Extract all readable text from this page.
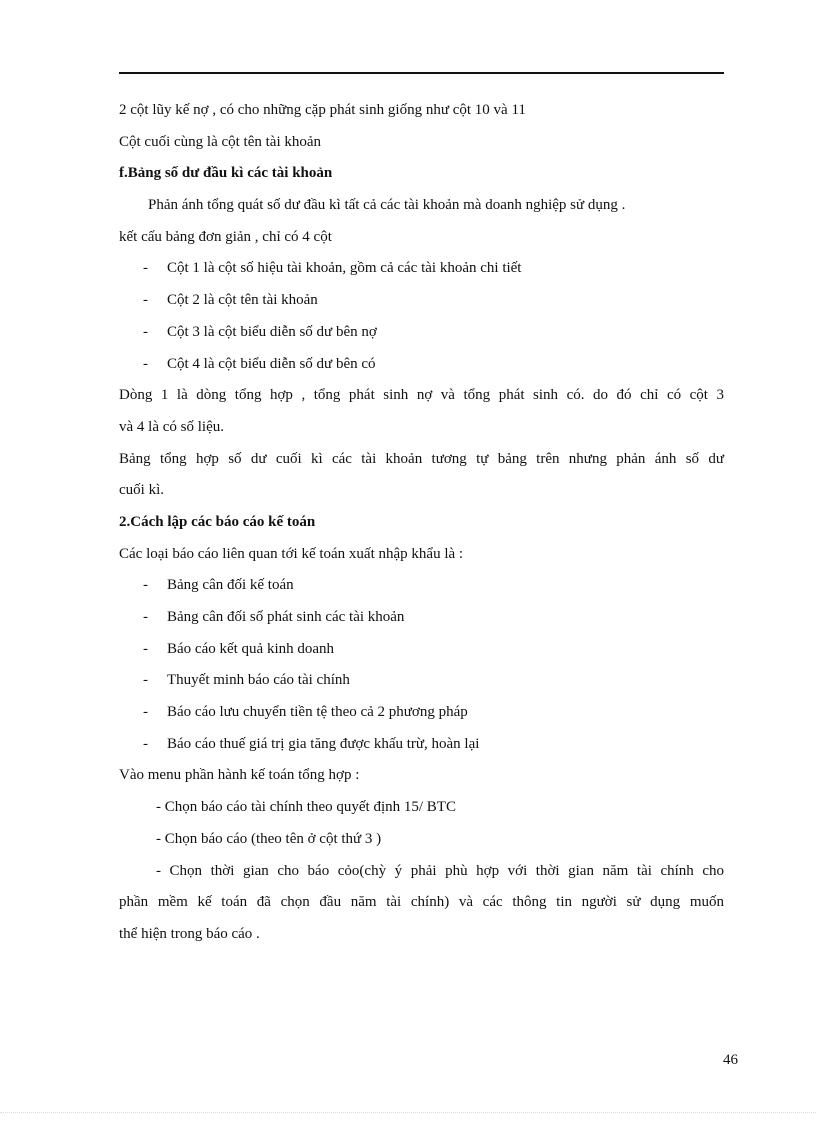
2 cột lũy kế nợ , có cho những cặp phát sinh giống như cột 10 và 11
Cột cuối cùng là cột tên tài khoản
f.Bảng số dư đầu kì các tài khoản
Phản ánh tổng quát số dư đầu kì tất cả các tài khoản mà doanh nghiệp sử dụng .
kết cấu bảng đơn giản , chỉ có 4 cột
-	Cột 1 là cột số hiệu tài khoản, gồm cả các tài khoản chi tiết
-	Cột 2 là cột tên tài khoản
-	Cột 3 là cột biểu diễn số dư bên nợ
-	Cột 4 là cột biểu diễn số dư bên có
Dòng 1 là dòng tổng hợp , tổng phát sinh nợ và tổng phát sinh có. do đó chỉ có cột 3
và 4 là có số liệu.
Bảng tổng hợp số dư cuối kì các tài khoản tương tự bảng trên nhưng phản ánh số dư
cuối kì.
2.Cách lập các báo cáo kế toán
Các loại báo cáo liên quan tới kế toán xuất nhập khẩu là :
-	Bảng cân đối kế toán
-	Bảng cân đối số phát sinh các tài khoản
-	Báo cáo kết quả kinh doanh
-	Thuyết minh báo cáo tài chính
-	Báo cáo lưu chuyển tiền tệ theo cả 2 phương pháp
-	Báo cáo thuế giá trị gia tăng được khấu trừ, hoàn lại
Vào menu phần hành kế toán tổng hợp :
- Chọn báo cáo tài chính theo quyết định 15/ BTC
- Chọn báo cáo (theo tên ở cột thứ 3 )
- Chọn thời gian cho báo cỏo(chỳ ý phải phù hợp với thời gian năm tài chính cho
phần mềm kế toán đã chọn đầu năm tài chính) và các thông tin người sử dụng muốn
thể hiện trong báo cáo .
46
